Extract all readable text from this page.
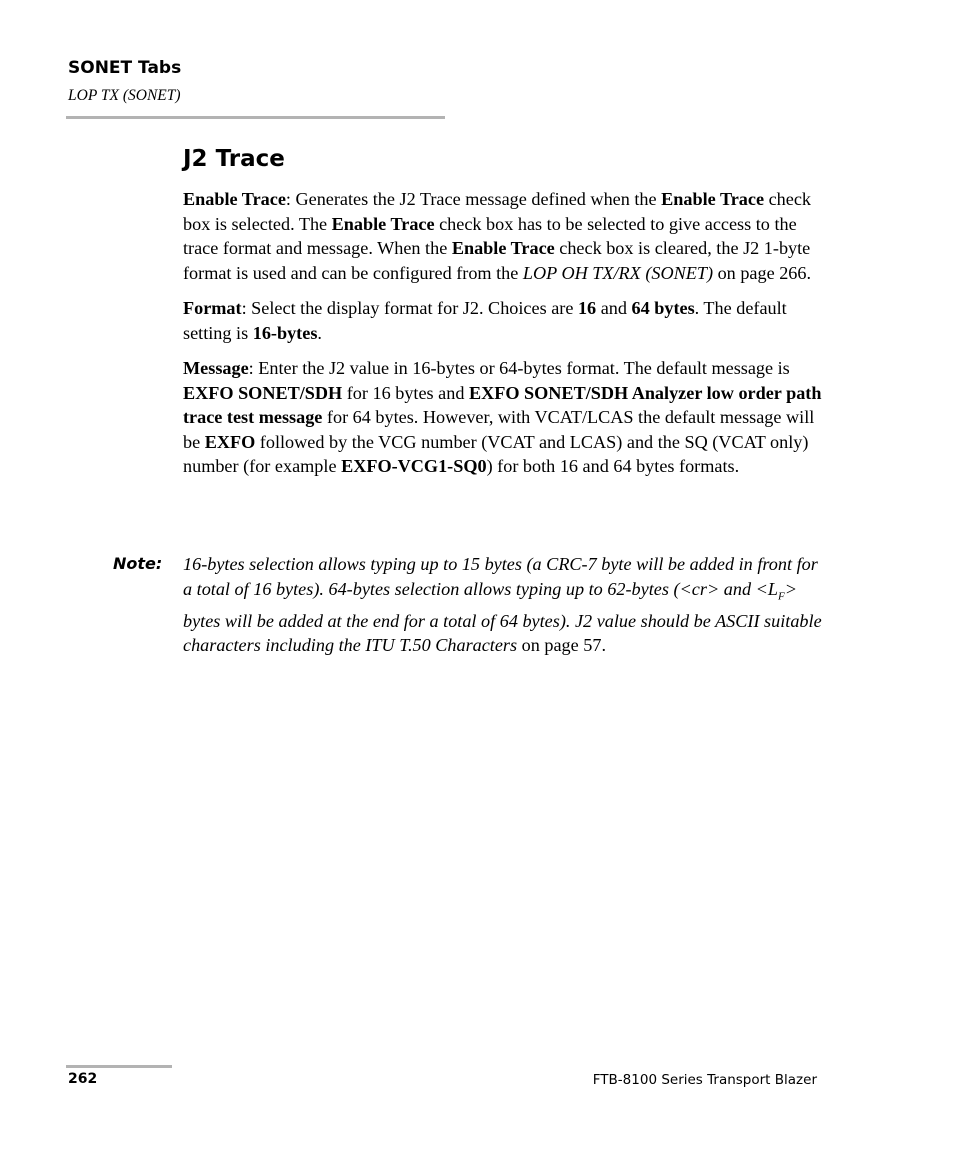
SONET Tabs
LOP TX (SONET)
J2 Trace

Enable Trace: Generates the J2 Trace message defined when the Enable Trace check box is selected. The Enable Trace check box has to be selected to give access to the trace format and message. When the Enable Trace check box is cleared, the J2 1-byte format is used and can be configured from the LOP OH TX/RX (SONET) on page 266.

Format: Select the display format for J2. Choices are 16 and 64 bytes. The default setting is 16-bytes.

Message: Enter the J2 value in 16-bytes or 64-bytes format. The default message is EXFO SONET/SDH for 16 bytes and EXFO SONET/SDH Analyzer low order path trace test message for 64 bytes. However, with VCAT/LCAS the default message will be EXFO followed by the VCG number (VCAT and LCAS) and the SQ (VCAT only) number (for example EXFO-VCG1-SQ0) for both 16 and 64 bytes formats.

Note: 16-bytes selection allows typing up to 15 bytes (a CRC-7 byte will be added in front for a total of 16 bytes). 64-bytes selection allows typing up to 62-bytes (<cr> and $<L_F>$ bytes will be added at the end for a total of 64 bytes). J2 value should be ASCII suitable characters including the ITU T.50 Characters on page 57.
262	FTB-8100 Series Transport Blazer
